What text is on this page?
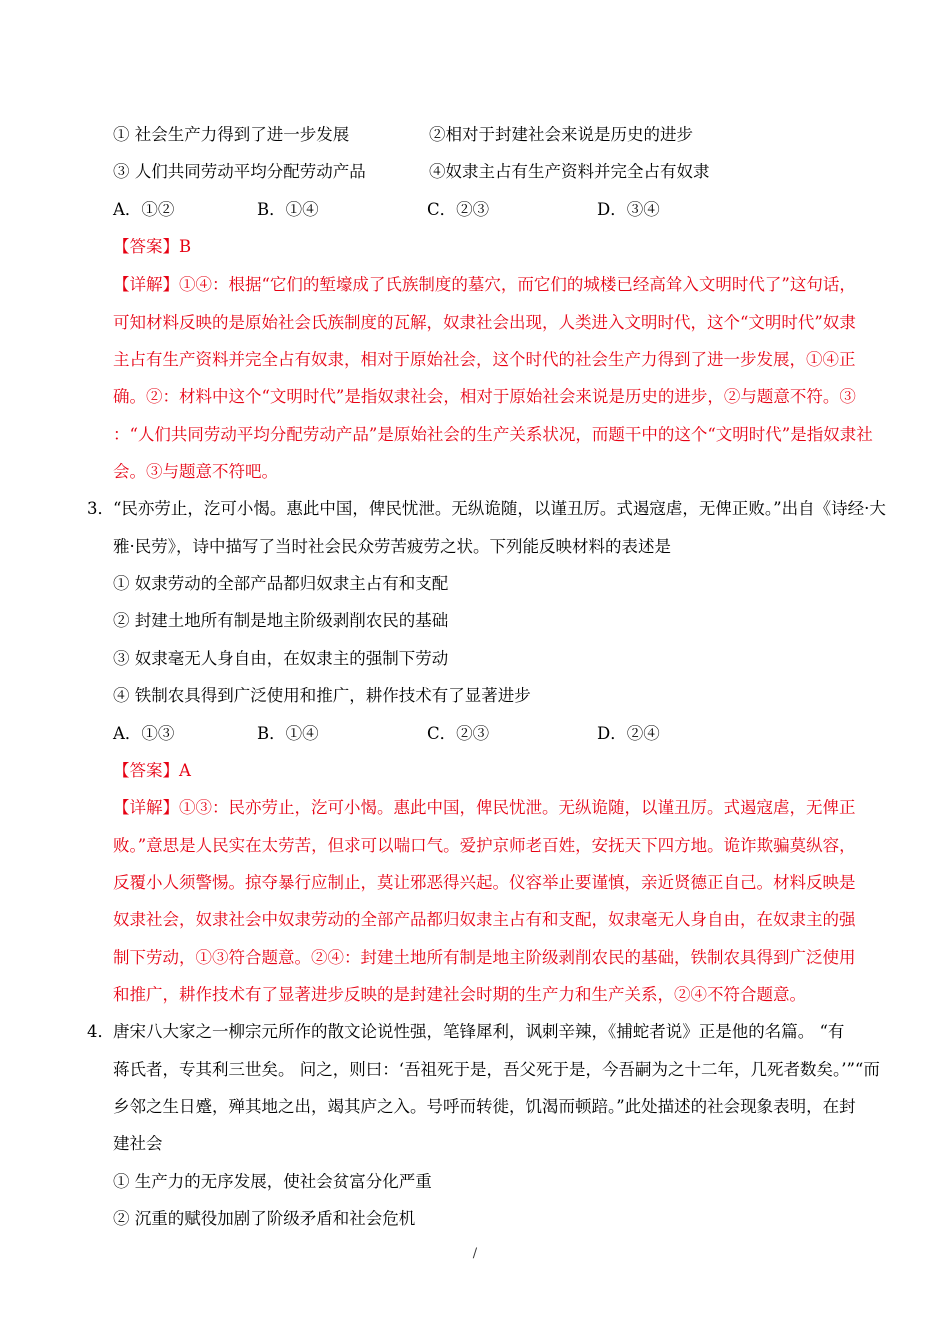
① 社会生产力得到了进一步发展	②相对于封建社会来说是历史的进步
③ 人们共同劳动平均分配劳动产品	④奴隶主占有生产资料并完全占有奴隶
A．①②	B．①④	C．②③	D．③④
【答案】B
【详解】①④：根据“它们的堑壕成了氏族制度的墓穴，而它们的城楼已经高耸入文明时代了”这句话，
可知材料反映的是原始社会氏族制度的瓦解，奴隶社会出现，人类进入文明时代，这个“文明时代”奴隶
主占有生产资料并完全占有奴隶，相对于原始社会，这个时代的社会生产力得到了进一步发展，①④正
确。②：材料中这个“文明时代”是指奴隶社会，相对于原始社会来说是历史的进步，②与题意不符。③
：“人们共同劳动平均分配劳动产品”是原始社会的生产关系状况，而题干中的这个“文明时代”是指奴隶社
会。③与题意不符吧。
3． “民亦劳止，汔可小愒。惠此中国，俾民忧泄。无纵诡随，以谨丑厉。式遏寇虐，无俾正败。”出自《诗经·大
雅·民劳》，诗中描写了当时社会民众劳苦疲劳之状。下列能反映材料的表述是
① 奴隶劳动的全部产品都归奴隶主占有和支配
② 封建土地所有制是地主阶级剥削农民的基础
③ 奴隶毫无人身自由，在奴隶主的强制下劳动
④ 铁制农具得到广泛使用和推广，耕作技术有了显著进步
A．①③	B．①④	C．②③	D．②④
【答案】A
【详解】①③：民亦劳止，汔可小愒。惠此中国，俾民忧泄。无纵诡随，以谨丑厉。式遏寇虐，无俾正
败。”意思是人民实在太劳苦，但求可以喘口气。爱护京师老百姓，安抚天下四方地。诡诈欺骗莫纵容，
反覆小人须警惕。掠夺暴行应制止，莫让邪恶得兴起。仪容举止要谨慎，亲近贤德正自己。材料反映是
奴隶社会，奴隶社会中奴隶劳动的全部产品都归奴隶主占有和支配，奴隶毫无人身自由，在奴隶主的强
制下劳动，①③符合题意。②④：封建土地所有制是地主阶级剥削农民的基础，铁制农具得到广泛使用
和推广，耕作技术有了显著进步反映的是封建社会时期的生产力和生产关系，②④不符合题意。
4． 唐宋八大家之一柳宗元所作的散文论说性强，笔锋犀利，讽刺辛辣，《捕蛇者说》正是他的名篇。 “有
蒋氏者，专其利三世矣。 问之，则曰：‘吾祖死于是，吾父死于是，今吾嗣为之十二年，几死者数矣。’”“而
乡邻之生日蹙，殚其地之出，竭其庐之入。号呼而转徙，饥渴而顿踣。”此处描述的社会现象表明，在封
建社会
① 生产力的无序发展，使社会贫富分化严重
② 沉重的赋役加剧了阶级矛盾和社会危机
/
